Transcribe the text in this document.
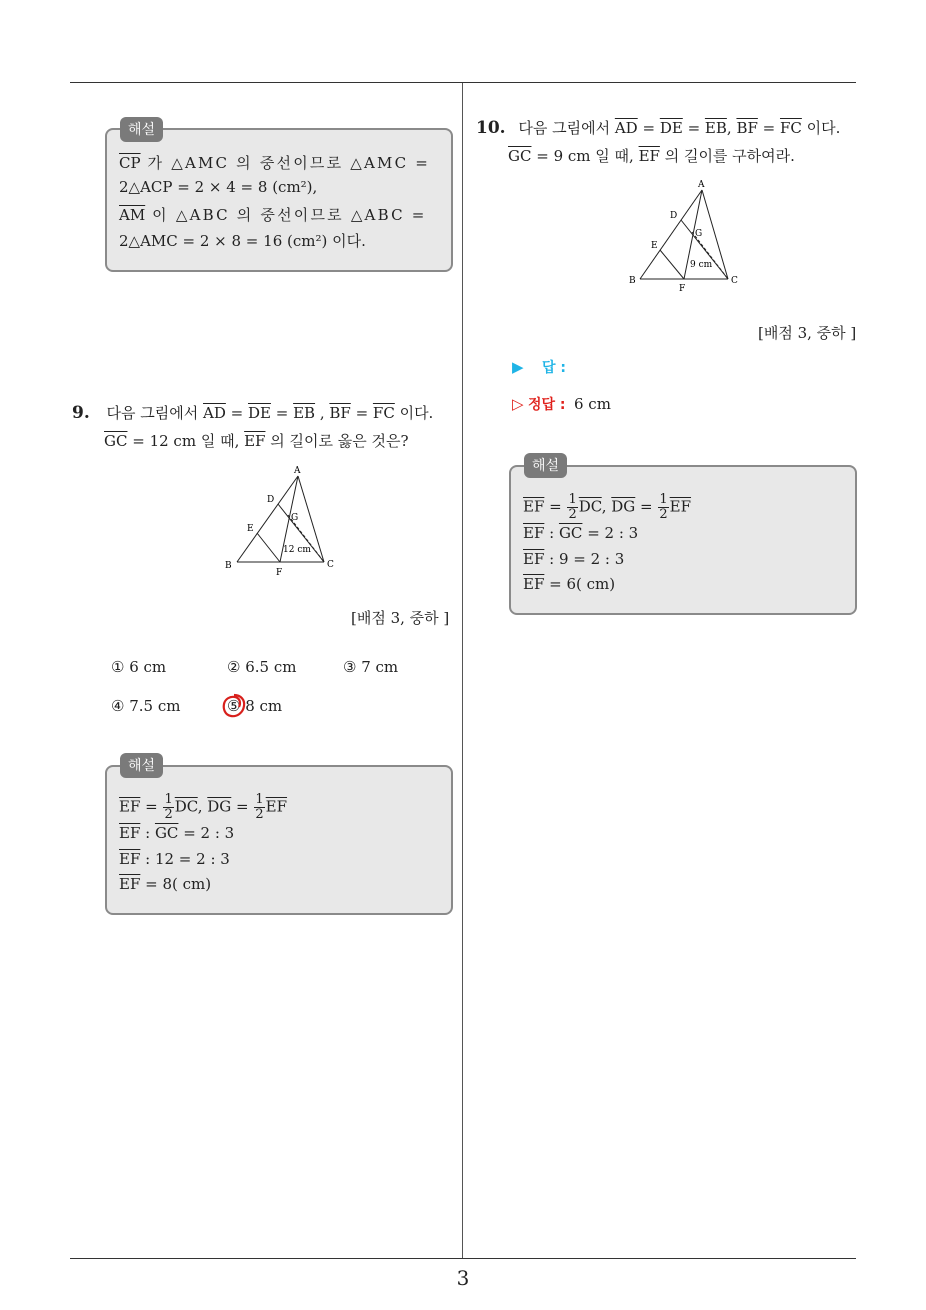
$\overline{CP}$ 가 △AMC 의 중선이므로 △AMC =
2△ACP = 2 × 4 = 8 (cm²),
$\overline{AM}$ 이 △ABC 의 중선이므로 △ABC =
2△AMC = 2 × 8 = 16 (cm²) 이다.
해설
9. 다음 그림에서 $\overline{AD} = \overline{DE} = \overline{EB}$ , $\overline{BF} = \overline{FC}$ 이다.
$\overline{GC} = 12$ cm 일 때, $\overline{EF}$ 의 길이로 옳은 것은?
A
D
G
E
B
F
C
12 cm
[배점 3, 중하 ]
① 6 cm	② 6.5 cm	③ 7 cm
④ 7.5 cm	⑤ 8 cm
$\overline{EF} = \frac{1}{2} \overline{DC}$, $\overline{DG} = \frac{1}{2} \overline{EF}$
$\overline{EF}$ : $\overline{GC} = 2$ : 3
$\overline{EF}$ : 12 = 2 : 3
$\overline{EF} = 8$( cm)
해설
10. 다음 그림에서 $\overline{AD} = \overline{DE} = \overline{EB}$, $\overline{BF} = \overline{FC}$ 이다.
$\overline{GC} = 9$ cm 일 때, $\overline{EF}$ 의 길이를 구하여라.
A
D
G
E
B
F
C
9 cm
[배점 3, 중하 ]
▶ 답 :
▷ 정답 : 6 cm
$\overline{EF} = \frac{1}{2} \overline{DC}$, $\overline{DG} = \frac{1}{2} \overline{EF}$
$\overline{EF}$ : $\overline{GC} = 2$ : 3
$\overline{EF}$ : 9 = 2 : 3
$\overline{EF} = 6$( cm)
해설
3
